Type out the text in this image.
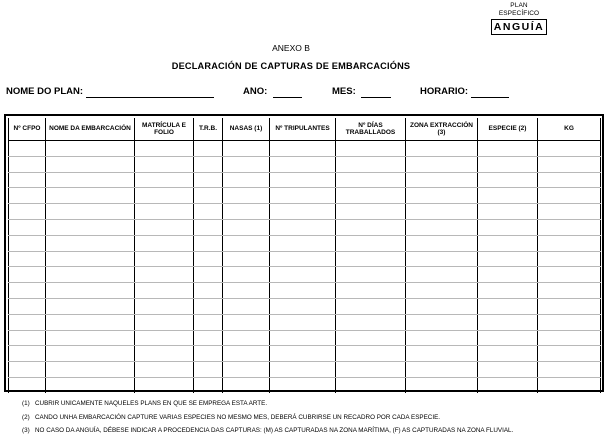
PLAN ESPECÍFICO
ANGUÍA
ANEXO B
DECLARACIÓN DE CAPTURAS DE EMBARCACIÓNS
NOME DO PLAN:	ANO:	MES:	HORARIO:
Nº CFPO	NOME DA EMBARCACIÓN	MATRÍCULA E FOLIO	T.R.B.	NASAS (1)	Nº TRIPULANTES	Nº DÍAS TRABALLADOS	ZONA EXTRACCIÓN (3)	ESPECIE (2)	KG

(1) CUBRIR UNICAMENTE NAQUELES PLANS EN QUE SE EMPREGA ESTA ARTE.
(2) CANDO UNHA EMBARCACIÓN CAPTURE VARIAS ESPECIES NO MESMO MES, DEBERÁ CUBRIRSE UN RECADRO POR CADA ESPECIE.
(3) NO CASO DA ANGUÍA, DÉBESE INDICAR A PROCEDENCIA DAS CAPTURAS: (M) AS CAPTURADAS NA ZONA MARÍTIMA, (F) AS CAPTURADAS NA ZONA FLUVIAL.
